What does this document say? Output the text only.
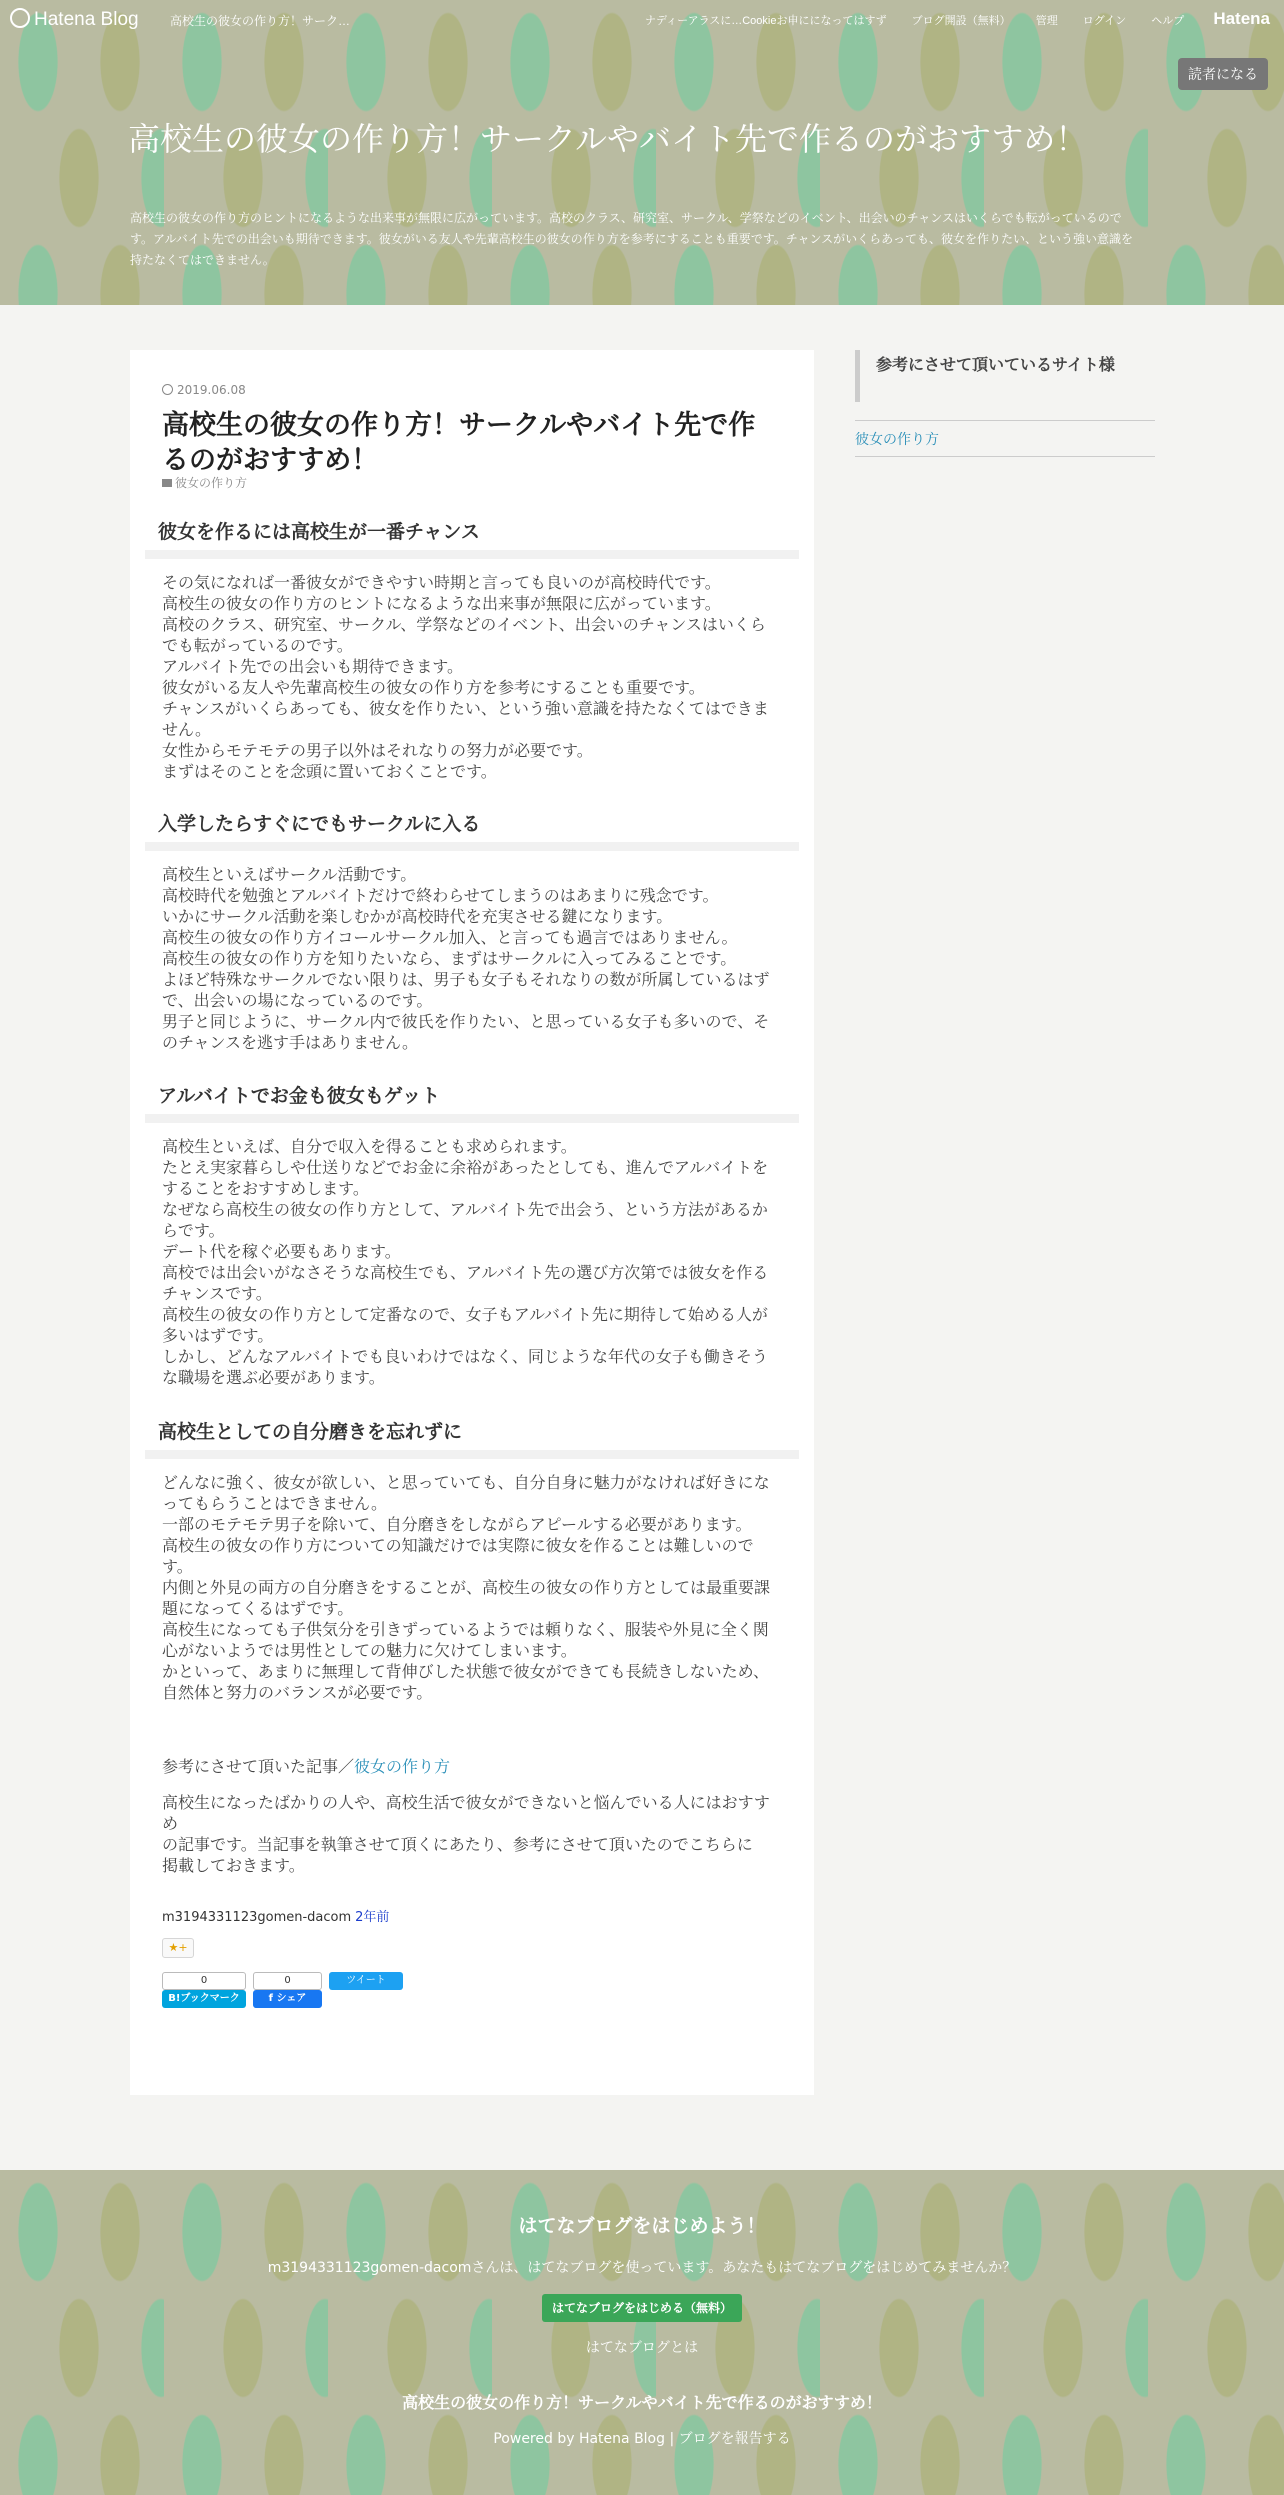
Hatena Blog	高校生の彼女の作り方！サーク…	ナディーアラスに…Cookieお申にになってはすず ブログ開設（無料） 管理 ログイン ヘルプ	Hatena
読者になる
高校生の彼女の作り方！サークルやバイト先で作るのがおすすめ！
高校生の彼女の作り方のヒントになるような出来事が無限に広がっています。高校のクラス、研究室、サークル、学祭などのイベント、出会いのチャンスはいくらでも転がっているのです。アルバイト先での出会いも期待できます。彼女がいる友人や先輩高校生の彼女の作り方を参考にすることも重要です。チャンスがいくらあっても、彼女を作りたい、という強い意識を持たなくてはできません。
2019.06.08
高校生の彼女の作り方！サークルやバイト先で作るのがおすすめ！
彼女の作り方
彼女を作るには高校生が一番チャンス

その気になれば一番彼女ができやすい時期と言っても良いのが高校時代です。
高校生の彼女の作り方のヒントになるような出来事が無限に広がっています。
高校のクラス、研究室、サークル、学祭などのイベント、出会いのチャンスはいくら
でも転がっているのです。
アルバイト先での出会いも期待できます。
彼女がいる友人や先輩高校生の彼女の作り方を参考にすることも重要です。
チャンスがいくらあっても、彼女を作りたい、という強い意識を持たなくてはできま
せん。
女性からモテモテの男子以外はそれなりの努力が必要です。
まずはそのことを念頭に置いておくことです。

入学したらすぐにでもサークルに入る

高校生といえばサークル活動です。
高校時代を勉強とアルバイトだけで終わらせてしまうのはあまりに残念です。
いかにサークル活動を楽しむかが高校時代を充実させる鍵になります。
高校生の彼女の作り方イコールサークル加入、と言っても過言ではありません。
高校生の彼女の作り方を知りたいなら、まずはサークルに入ってみることです。
よほど特殊なサークルでない限りは、男子も女子もそれなりの数が所属しているはず
で、出会いの場になっているのです。
男子と同じように、サークル内で彼氏を作りたい、と思っている女子も多いので、そ
のチャンスを逃す手はありません。

アルバイトでお金も彼女もゲット

高校生といえば、自分で収入を得ることも求められます。
たとえ実家暮らしや仕送りなどでお金に余裕があったとしても、進んでアルバイトを
することをおすすめします。
なぜなら高校生の彼女の作り方として、アルバイト先で出会う、という方法があるか
らです。
デート代を稼ぐ必要もあります。
高校では出会いがなさそうな高校生でも、アルバイト先の選び方次第では彼女を作る
チャンスです。
高校生の彼女の作り方として定番なので、女子もアルバイト先に期待して始める人が
多いはずです。
しかし、どんなアルバイトでも良いわけではなく、同じような年代の女子も働きそう
な職場を選ぶ必要があります。

高校生としての自分磨きを忘れずに

どんなに強く、彼女が欲しい、と思っていても、自分自身に魅力がなければ好きにな
ってもらうことはできません。
一部のモテモテ男子を除いて、自分磨きをしながらアピールする必要があります。
高校生の彼女の作り方についての知識だけでは実際に彼女を作ることは難しいので
す。
内側と外見の両方の自分磨きをすることが、高校生の彼女の作り方としては最重要課
題になってくるはずです。
高校生になっても子供気分を引きずっているようでは頼りなく、服装や外見に全く関
心がないようでは男性としての魅力に欠けてしまいます。
かといって、あまりに無理して背伸びした状態で彼女ができても長続きしないため、
自然体と努力のバランスが必要です。

参考にさせて頂いた記事／彼女の作り方

高校生になったばかりの人や、高校生活で彼女ができないと悩んでいる人にはおすすめ
の記事です。当記事を執筆させて頂くにあたり、参考にさせて頂いたのでこちらに
掲載しておきます。

m3194331123gomen-dacom 2年前
★+
0
B!ブックマーク
0
f シェア
ツイート
参考にさせて頂いているサイト様
彼女の作り方
はてなブログをはじめよう！
m3194331123gomen-dacomさんは、はてなブログを使っています。あなたもはてなブログをはじめてみませんか？
はてなブログをはじめる（無料）
はてなブログとは
高校生の彼女の作り方！サークルやバイト先で作るのがおすすめ！
Powered by Hatena Blog | ブログを報告する
